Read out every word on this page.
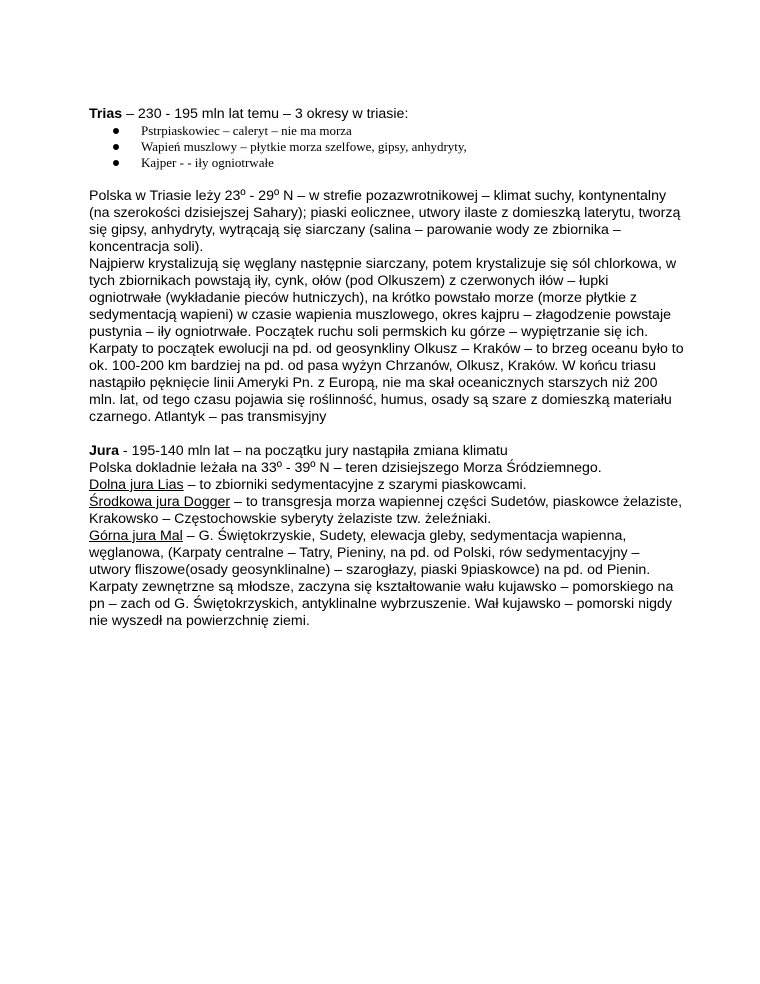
Trias – 230 - 195 mln lat temu – 3 okresy w triasie:

Pstrpiaskowiec – caleryt – nie ma morza
Wapień muszlowy – płytkie morza szelfowe, gipsy, anhydryty,
Kajper - - iły ogniotrwałe

Polska w Triasie leży 23º - 29º N – w strefie pozazwrotnikowej – klimat suchy, kontynentalny (na szerokości dzisiejszej Sahary); piaski eolicznee, utwory ilaste z domieszką laterytu, tworzą się gipsy, anhydryty, wytrącają się siarczany (salina – parowanie wody ze zbiornika – koncentracja soli).

Najpierw krystalizują się węglany następnie siarczany, potem krystalizuje się sól chlorkowa, w tych zbiornikach powstają iły, cynk, ołów (pod Olkuszem) z czerwonych iłów – łupki ogniotrwałe (wykładanie pieców hutniczych), na krótko powstało morze (morze płytkie z sedymentacją wapieni) w czasie wapienia muszlowego, okres kajpru – złagodzenie powstaje pustynia – iły ogniotrwałe. Początek ruchu soli permskich ku górze – wypiętrzanie się ich.

Karpaty to początek ewolucji na pd. od geosynkliny Olkusz – Kraków – to brzeg oceanu było to ok. 100-200 km bardziej na pd. od pasa wyżyn Chrzanów, Olkusz, Kraków. W końcu triasu nastąpiło pęknięcie linii Ameryki Pn. z Europą, nie ma skał oceanicznych starszych niż 200 mln. lat, od tego czasu pojawia się roślinność, humus, osady są szare z domieszką materiału czarnego. Atlantyk – pas transmisyjny

Jura - 195-140 mln lat – na początku jury nastąpiła zmiana klimatu

Polska dokladnie leżała na 33º - 39º N – teren dzisiejszego Morza Śródziemnego.

Dolna jura Lias – to zbiorniki sedymentacyjne z szarymi piaskowcami.

Środkowa jura Dogger – to transgresja morza wapiennej części Sudetów, piaskowce żelaziste, Krakowsko – Częstochowskie syberyty żelaziste tzw. żeleźniaki.

Górna jura Mal – G. Świętokrzyskie, Sudety, elewacja gleby, sedymentacja wapienna, węglanowa, (Karpaty centralne – Tatry, Pieniny, na pd. od Polski, rów sedymentacyjny – utwory fliszowe(osady geosynklinalne) – szarogłazy, piaski 9piaskowce) na pd. od Pienin.

Karpaty zewnętrzne są młodsze, zaczyna się kształtowanie wału kujawsko – pomorskiego na pn – zach od G. Świętokrzyskich, antyklinalne wybrzuszenie. Wał kujawsko – pomorski nigdy nie wyszedł na powierzchnię ziemi.
